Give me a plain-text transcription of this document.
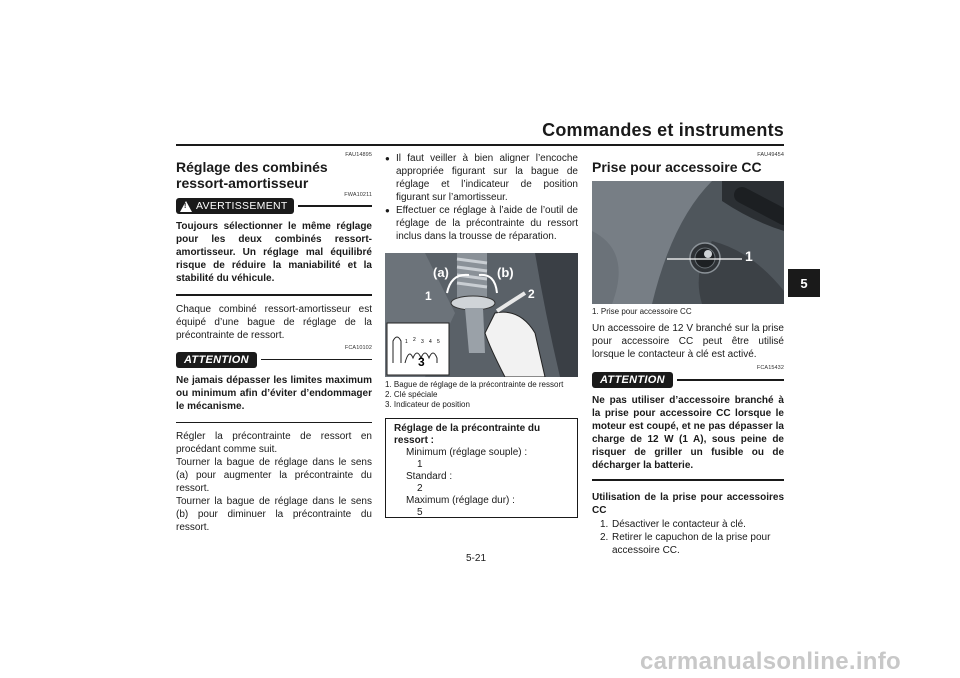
Commandes et instruments
5
FAU14895
Réglage des combinés ressort-amortisseur
FWA10211
! AVERTISSEMENT
Toujours sélectionner le même réglage pour les deux combinés ressort-amortisseur. Un réglage mal équilibré risque de réduire la maniabilité et la stabilité du véhicule.

Chaque combiné ressort-amortisseur est équipé d’une bague de réglage de la précontrainte de ressort.

FCA10102
ATTENTION
Ne jamais dépasser les limites maximum ou minimum afin d’éviter d’endommager le mécanisme.

Régler la précontrainte de ressort en procédant comme suit.

Tourner la bague de réglage dans le sens (a) pour augmenter la précontrainte du ressort.

Tourner la bague de réglage dans le sens (b) pour diminuer la précontrainte du ressort.

● Il faut veiller à bien aligner l’encoche appropriée figurant sur la bague de réglage et l’indicateur de position figurant sur l’amortisseur.
● Effectuer ce réglage à l’aide de l’outil de réglage de la précontrainte du ressort inclus dans la trousse de réparation.
(a)	(b)
1	2
3
1 2 3 4 5
1. Bague de réglage de la précontrainte de ressort
2. Clé spéciale
3. Indicateur de position
Réglage de la précontrainte du ressort :
Minimum (réglage souple) :
1
Standard :
2
Maximum (réglage dur) :
5
FAU49454
Prise pour accessoire CC
1
1. Prise pour accessoire CC

Un accessoire de 12 V branché sur la prise pour accessoire CC peut être utilisé lorsque le contacteur à clé est activé.

FCA15432
ATTENTION
Ne pas utiliser d’accessoire branché à la prise pour accessoire CC lorsque le moteur est coupé, et ne pas dépasser la charge de 12 W (1 A), sous peine de risquer de griller un fusible ou de décharger la batterie.
Utilisation de la prise pour accessoires CC
1. Désactiver le contacteur à clé.
2. Retirer le capuchon de la prise pour accessoire CC.
5-21
carmanualsonline.info
